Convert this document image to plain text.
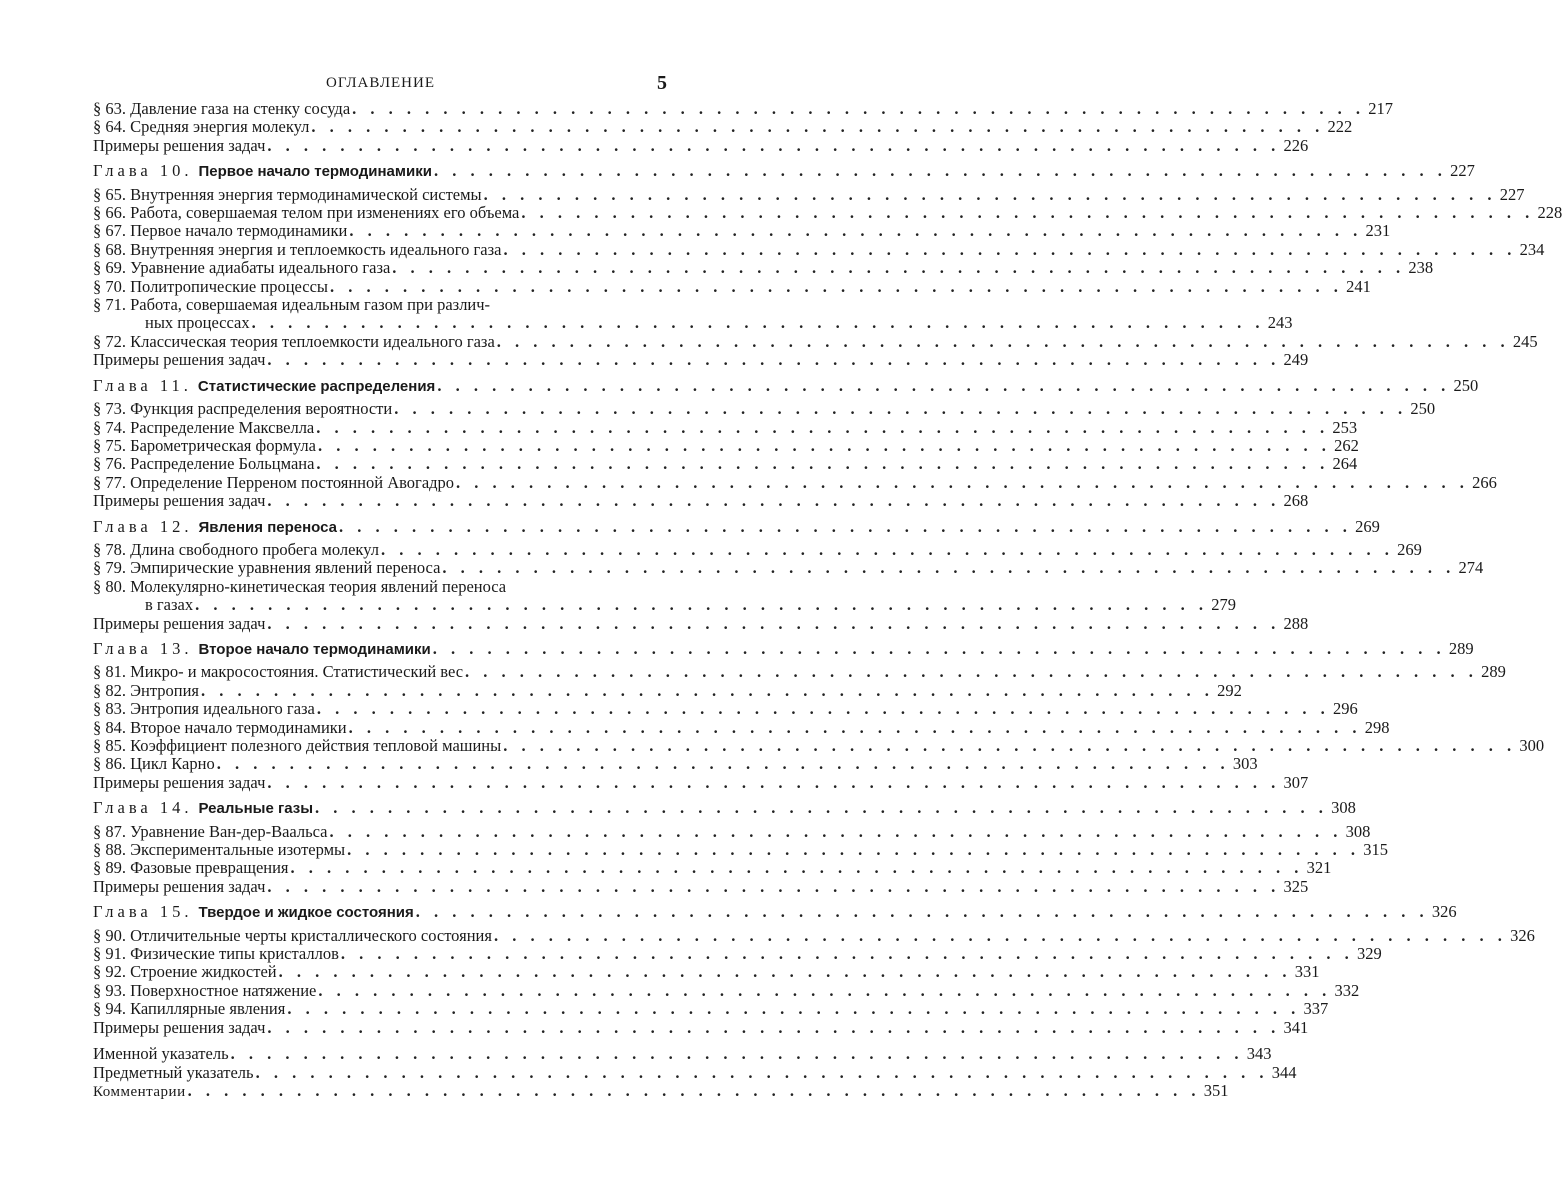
ОГЛАВЛЕНИЕ	5
§ 63. Давление газа на стенку сосуда . . . . . . . . . . . . . . . . . . . . . . . . . . . . . . . . . . . . . . . . . . . . . . . . . . . . . . . . 217
§ 64. Средняя энергия молекул . . . . . . . . . . . . . . . . . . . . . . . . . . . . . . . . . . . . . . . . . . . . . . . . . . . . . . . . 222
Примеры решения задач . . . . . . . . . . . . . . . . . . . . . . . . . . . . . . . . . . . . . . . . . . . . . . . . . . . . . . . . 226
Глава 10. Первое начало термодинамики . . . . . . . . . . . . . . . . . . . . . . . . . . . . . . . . . . . . . . . . . . . . . . . . . . . . . . . . 227
§ 65. Внутренняя энергия термодинамической системы . . . . . . . . . . . . . . . . . . . . . . . . . . . . . . . . . . . . . . . . . . . . . . . . . . . . . . . . 227
§ 66. Работа, совершаемая телом при изменениях его объема . . . . . . . . . . . . . . . . . . . . . . . . . . . . . . . . . . . . . . . . . . . . . . . . . . . . . . . . 228
§ 67. Первое начало термодинамики . . . . . . . . . . . . . . . . . . . . . . . . . . . . . . . . . . . . . . . . . . . . . . . . . . . . . . . . 231
§ 68. Внутренняя энергия и теплоемкость идеального газа . . . . . . . . . . . . . . . . . . . . . . . . . . . . . . . . . . . . . . . . . . . . . . . . . . . . . . . . 234
§ 69. Уравнение адиабаты идеального газа . . . . . . . . . . . . . . . . . . . . . . . . . . . . . . . . . . . . . . . . . . . . . . . . . . . . . . . . 238
§ 70. Политропические процессы . . . . . . . . . . . . . . . . . . . . . . . . . . . . . . . . . . . . . . . . . . . . . . . . . . . . . . . . 241
§ 71. Работа, совершаемая идеальным газом при различ-
ных процессах . . . . . . . . . . . . . . . . . . . . . . . . . . . . . . . . . . . . . . . . . . . . . . . . . . . . . . . . 243
§ 72. Классическая теория теплоемкости идеального газа . . . . . . . . . . . . . . . . . . . . . . . . . . . . . . . . . . . . . . . . . . . . . . . . . . . . . . . . 245
Примеры решения задач . . . . . . . . . . . . . . . . . . . . . . . . . . . . . . . . . . . . . . . . . . . . . . . . . . . . . . . . 249
Глава 11. Статистические распределения . . . . . . . . . . . . . . . . . . . . . . . . . . . . . . . . . . . . . . . . . . . . . . . . . . . . . . . . 250
§ 73. Функция распределения вероятности . . . . . . . . . . . . . . . . . . . . . . . . . . . . . . . . . . . . . . . . . . . . . . . . . . . . . . . . 250
§ 74. Распределение Максвелла . . . . . . . . . . . . . . . . . . . . . . . . . . . . . . . . . . . . . . . . . . . . . . . . . . . . . . . . 253
§ 75. Барометрическая формула . . . . . . . . . . . . . . . . . . . . . . . . . . . . . . . . . . . . . . . . . . . . . . . . . . . . . . . . 262
§ 76. Распределение Больцмана . . . . . . . . . . . . . . . . . . . . . . . . . . . . . . . . . . . . . . . . . . . . . . . . . . . . . . . . 264
§ 77. Определение Перреном постоянной Авогадро . . . . . . . . . . . . . . . . . . . . . . . . . . . . . . . . . . . . . . . . . . . . . . . . . . . . . . . . 266
Примеры решения задач . . . . . . . . . . . . . . . . . . . . . . . . . . . . . . . . . . . . . . . . . . . . . . . . . . . . . . . . 268
Глава 12. Явления переноса . . . . . . . . . . . . . . . . . . . . . . . . . . . . . . . . . . . . . . . . . . . . . . . . . . . . . . . . 269
§ 78. Длина свободного пробега молекул . . . . . . . . . . . . . . . . . . . . . . . . . . . . . . . . . . . . . . . . . . . . . . . . . . . . . . . . 269
§ 79. Эмпирические уравнения явлений переноса . . . . . . . . . . . . . . . . . . . . . . . . . . . . . . . . . . . . . . . . . . . . . . . . . . . . . . . . 274
§ 80. Молекулярно-кинетическая теория явлений переноса
в газах . . . . . . . . . . . . . . . . . . . . . . . . . . . . . . . . . . . . . . . . . . . . . . . . . . . . . . . . 279
Примеры решения задач . . . . . . . . . . . . . . . . . . . . . . . . . . . . . . . . . . . . . . . . . . . . . . . . . . . . . . . . 288
Глава 13. Второе начало термодинамики . . . . . . . . . . . . . . . . . . . . . . . . . . . . . . . . . . . . . . . . . . . . . . . . . . . . . . . . 289
§ 81. Микро- и макросостояния. Статистический вес . . . . . . . . . . . . . . . . . . . . . . . . . . . . . . . . . . . . . . . . . . . . . . . . . . . . . . . . 289
§ 82. Энтропия . . . . . . . . . . . . . . . . . . . . . . . . . . . . . . . . . . . . . . . . . . . . . . . . . . . . . . . . 292
§ 83. Энтропия идеального газа . . . . . . . . . . . . . . . . . . . . . . . . . . . . . . . . . . . . . . . . . . . . . . . . . . . . . . . . 296
§ 84. Второе начало термодинамики . . . . . . . . . . . . . . . . . . . . . . . . . . . . . . . . . . . . . . . . . . . . . . . . . . . . . . . . 298
§ 85. Коэффициент полезного действия тепловой машины . . . . . . . . . . . . . . . . . . . . . . . . . . . . . . . . . . . . . . . . . . . . . . . . . . . . . . . . 300
§ 86. Цикл Карно . . . . . . . . . . . . . . . . . . . . . . . . . . . . . . . . . . . . . . . . . . . . . . . . . . . . . . . . 303
Примеры решения задач . . . . . . . . . . . . . . . . . . . . . . . . . . . . . . . . . . . . . . . . . . . . . . . . . . . . . . . . 307
Глава 14. Реальные газы . . . . . . . . . . . . . . . . . . . . . . . . . . . . . . . . . . . . . . . . . . . . . . . . . . . . . . . . 308
§ 87. Уравнение Ван-дер-Ваальса . . . . . . . . . . . . . . . . . . . . . . . . . . . . . . . . . . . . . . . . . . . . . . . . . . . . . . . . 308
§ 88. Экспериментальные изотермы . . . . . . . . . . . . . . . . . . . . . . . . . . . . . . . . . . . . . . . . . . . . . . . . . . . . . . . . 315
§ 89. Фазовые превращения . . . . . . . . . . . . . . . . . . . . . . . . . . . . . . . . . . . . . . . . . . . . . . . . . . . . . . . . 321
Примеры решения задач . . . . . . . . . . . . . . . . . . . . . . . . . . . . . . . . . . . . . . . . . . . . . . . . . . . . . . . . 325
Глава 15. Твердое и жидкое состояния . . . . . . . . . . . . . . . . . . . . . . . . . . . . . . . . . . . . . . . . . . . . . . . . . . . . . . . . 326
§ 90. Отличительные черты кристаллического состояния . . . . . . . . . . . . . . . . . . . . . . . . . . . . . . . . . . . . . . . . . . . . . . . . . . . . . . . . 326
§ 91. Физические типы кристаллов . . . . . . . . . . . . . . . . . . . . . . . . . . . . . . . . . . . . . . . . . . . . . . . . . . . . . . . . 329
§ 92. Строение жидкостей . . . . . . . . . . . . . . . . . . . . . . . . . . . . . . . . . . . . . . . . . . . . . . . . . . . . . . . . 331
§ 93. Поверхностное натяжение . . . . . . . . . . . . . . . . . . . . . . . . . . . . . . . . . . . . . . . . . . . . . . . . . . . . . . . . 332
§ 94. Капиллярные явления . . . . . . . . . . . . . . . . . . . . . . . . . . . . . . . . . . . . . . . . . . . . . . . . . . . . . . . . 337
Примеры решения задач . . . . . . . . . . . . . . . . . . . . . . . . . . . . . . . . . . . . . . . . . . . . . . . . . . . . . . . . 341
Именной указатель . . . . . . . . . . . . . . . . . . . . . . . . . . . . . . . . . . . . . . . . . . . . . . . . . . . . . . . . 343
Предметный указатель . . . . . . . . . . . . . . . . . . . . . . . . . . . . . . . . . . . . . . . . . . . . . . . . . . . . . . . . 344
Комментарии . . . . . . . . . . . . . . . . . . . . . . . . . . . . . . . . . . . . . . . . . . . . . . . . . . . . . . . . 351
